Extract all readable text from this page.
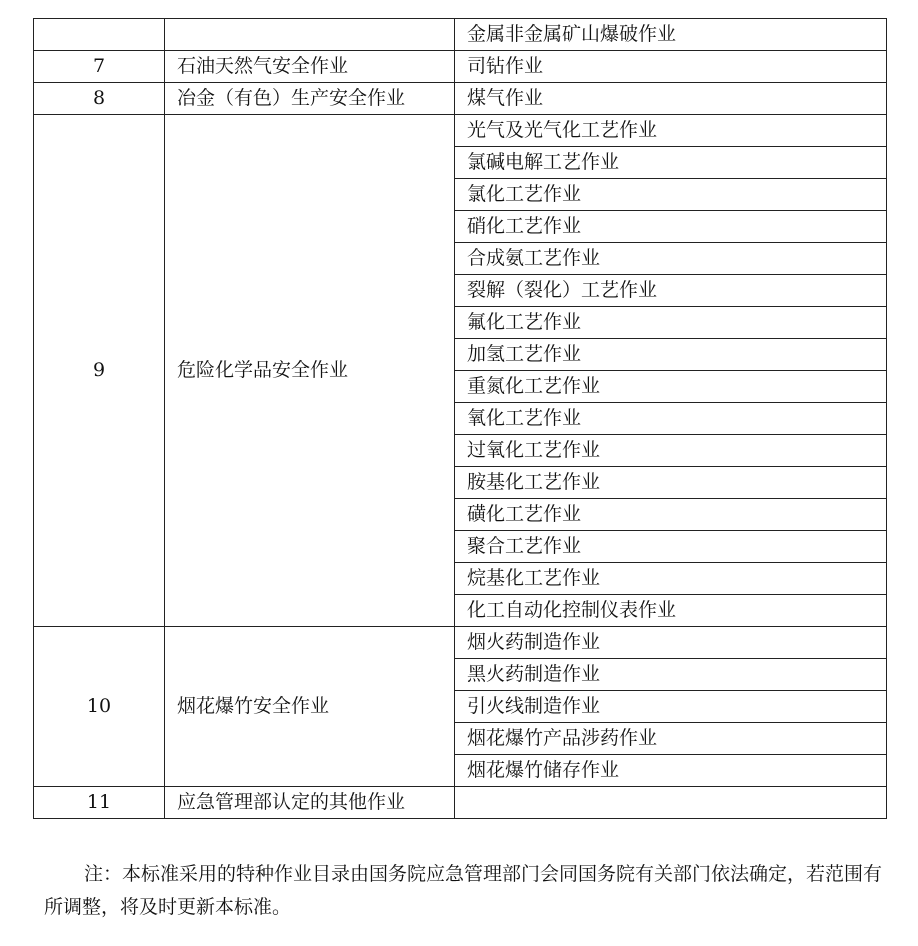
		金属非金属矿山爆破作业
7	石油天然气安全作业	司钻作业
8	冶金（有色）生产安全作业	煤气作业
9	危险化学品安全作业	光气及光气化工艺作业
		氯碱电解工艺作业
		氯化工艺作业
		硝化工艺作业
		合成氨工艺作业
		裂解（裂化）工艺作业
		氟化工艺作业
		加氢工艺作业
		重氮化工艺作业
		氧化工艺作业
		过氧化工艺作业
		胺基化工艺作业
		磺化工艺作业
		聚合工艺作业
		烷基化工艺作业
		化工自动化控制仪表作业
10	烟花爆竹安全作业	烟火药制造作业
		黑火药制造作业
		引火线制造作业
		烟花爆竹产品涉药作业
		烟花爆竹储存作业
11	应急管理部认定的其他作业	

注：本标准采用的特种作业目录由国务院应急管理部门会同国务院有关部门依法确定，若范围有所调整，将及时更新本标准。
